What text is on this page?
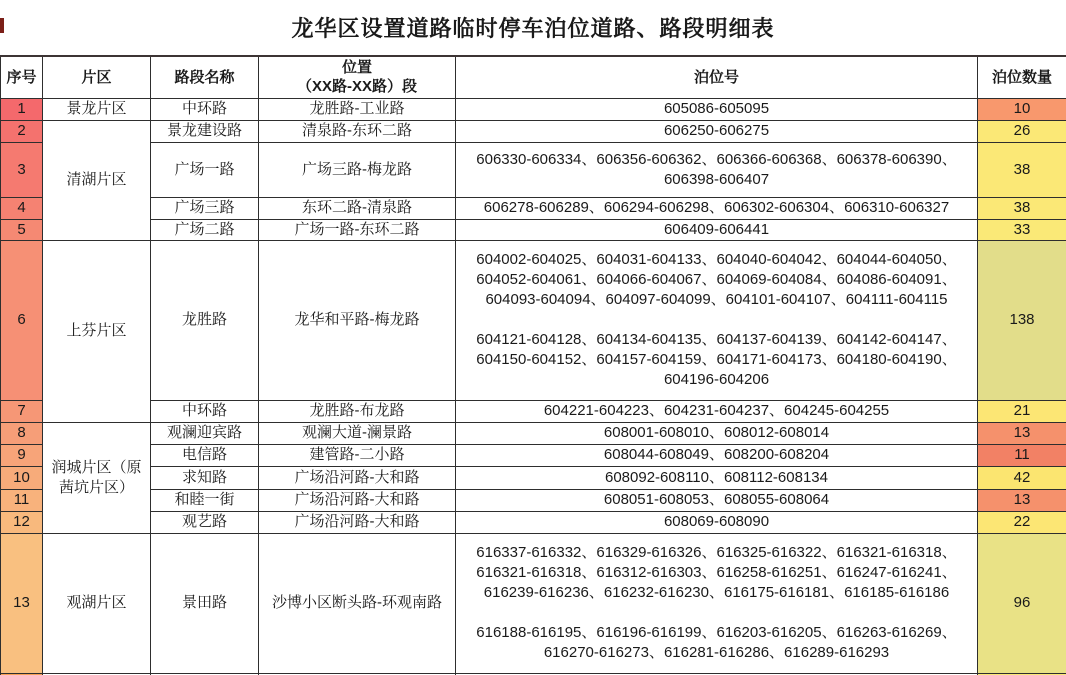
龙华区设置道路临时停车泊位道路、路段明细表
序号	片区	路段名称	位置
（XX路-XX路）段	泊位号	泊位数量
1	景龙片区	中环路	龙胜路-工业路	605086-605095	10
2	清湖片区	景龙建设路	清泉路-东环二路	606250-606275	26
3		广场一路	广场三路-梅龙路	606330-606334、606356-606362、606366-606368、606378-606390、606398-606407	38
4		广场三路	东环二路-清泉路	606278-606289、606294-606298、606302-606304、606310-606327	38
5		广场二路	广场一路-东环二路	606409-606441	33
6	上芬片区	龙胜路	龙华和平路-梅龙路	604002-604025、604031-604133、604040-604042、604044-604050、604052-604061、604066-604067、604069-604084、604086-604091、604093-604094、604097-604099、604101-604107、604111-604115
604121-604128、604134-604135、604137-604139、604142-604147、604150-604152、604157-604159、604171-604173、604180-604190、604196-604206	138
7		中环路	龙胜路-布龙路	604221-604223、604231-604237、604245-604255	21
8	润城片区（原茜坑片区）	观澜迎宾路	观澜大道-澜景路	608001-608010、608012-608014	13
9		电信路	建管路-二小路	608044-608049、608200-608204	11
10		求知路	广场沿河路-大和路	608092-608110、608112-608134	42
11		和睦一街	广场沿河路-大和路	608051-608053、608055-608064	13
12		观艺路	广场沿河路-大和路	608069-608090	22
13	观湖片区	景田路	沙博小区断头路-环观南路	616337-616332、616329-616326、616325-616322、616321-616318、616321-616318、616312-616303、616258-616251、616247-616241、616239-616236、616232-616230、616175-616181、616185-616186
616188-616195、616196-616199、616203-616205、616263-616269、616270-616273、616281-616286、616289-616293	96
